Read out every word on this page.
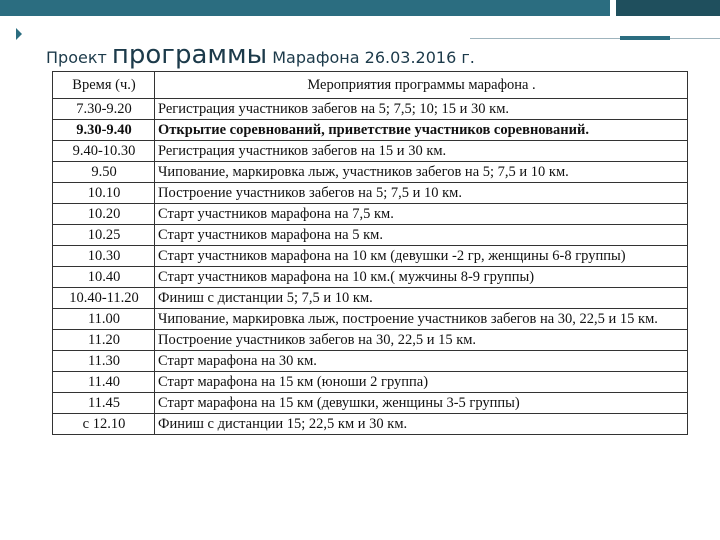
Проект программы Марафона 26.03.2016 г.
Время (ч.)	Мероприятия программы марафона .
7.30-9.20	Регистрация участников забегов на 5; 7,5; 10; 15 и 30 км.
9.30-9.40	Открытие соревнований, приветствие участников соревнований.
9.40-10.30	Регистрация участников забегов на 15 и 30 км.
9.50	Чипование, маркировка лыж, участников забегов на 5; 7,5 и 10 км.
10.10	Построение участников забегов на 5; 7,5 и 10 км.
10.20	Старт участников марафона на 7,5 км.
10.25	Старт участников марафона на 5 км.
10.30	Старт участников марафона на 10 км (девушки -2 гр, женщины 6-8 группы)
10.40	Старт участников марафона на 10 км.( мужчины 8-9 группы)
10.40-11.20	Финиш с дистанции 5; 7,5 и 10 км.
11.00	Чипование, маркировка лыж, построение участников забегов на 30, 22,5 и 15 км.
11.20	Построение участников забегов на 30, 22,5 и 15 км.
11.30	Старт марафона на 30 км.
11.40	Старт марафона на 15 км (юноши 2 группа)
11.45	Старт марафона на 15 км (девушки, женщины 3-5 группы)
с 12.10	Финиш с дистанции 15; 22,5 км и 30 км.
